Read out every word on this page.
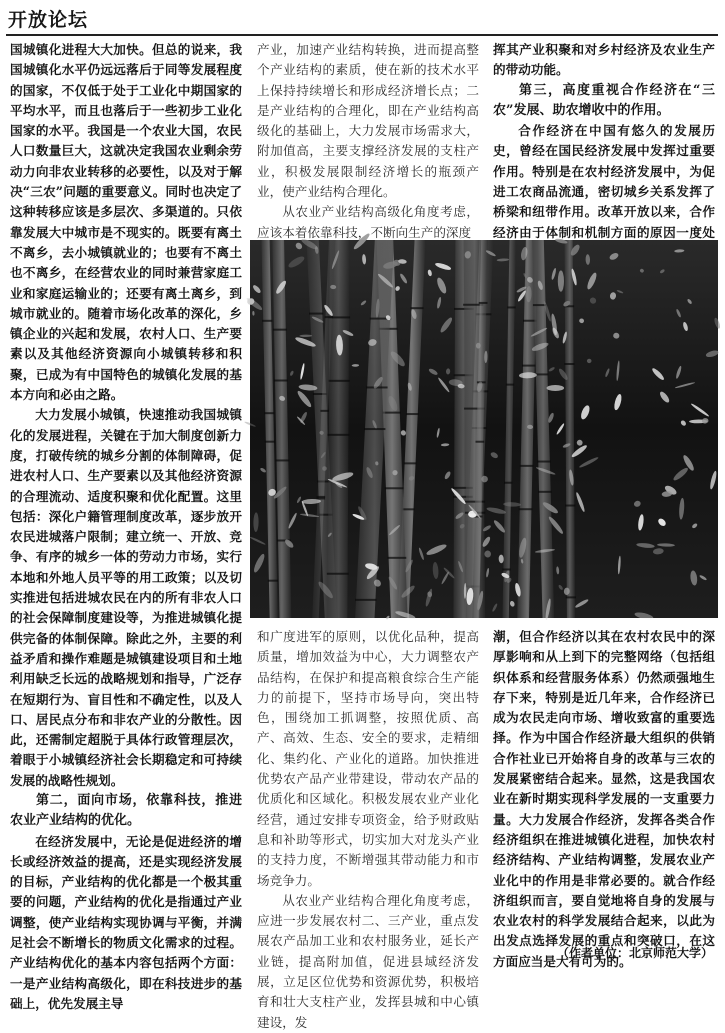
开放论坛

国城镇化进程大大加快。但总的说来，我国城镇化水平仍远远落后于同等发展程度的国家，不仅低于处于工业化中期国家的平均水平，而且也落后于一些初步工业化国家的水平。我国是一个农业大国，农民人口数量巨大，这就决定我国农业剩余劳动力向非农业转移的必要性，以及对于解决“三农”问题的重要意义。同时也决定了这种转移应该是多层次、多渠道的。只依靠发展大中城市是不现实的。既要有离土不离乡，去小城镇就业的；也要有不离土也不离乡，在经营农业的同时兼营家庭工业和家庭运输业的；还要有离土离乡，到城市就业的。随着市场化改革的深化，乡镇企业的兴起和发展，农村人口、生产要素以及其他经济资源向小城镇转移和积聚，已成为有中国特色的城镇化发展的基本方向和必由之路。

大力发展小城镇，快速推动我国城镇化的发展进程，关键在于加大制度创新力度，打破传统的城乡分割的体制障碍，促进农村人口、生产要素以及其他经济资源的合理流动、适度积聚和优化配置。这里包括：深化户籍管理制度改革，逐步放开农民进城落户限制；建立统一、开放、竞争、有序的城乡一体的劳动力市场，实行本地和外地人员平等的用工政策；以及切实推进包括进城农民在内的所有非农人口的社会保障制度建设等，为推进城镇化提供完备的体制保障。除此之外，主要的利益矛盾和操作难题是城镇建设项目和土地利用缺乏长远的战略规划和指导，广泛存在短期行为、盲目性和不确定性，以及人口、居民点分布和非农产业的分散性。因此，还需制定超脱于具体行政管理层次，着眼于小城镇经济社会长期稳定和可持续发展的战略性规划。

第二，面向市场，依靠科技，推进农业产业结构的优化。

在经济发展中，无论是促进经济的增长或经济效益的提高，还是实现经济发展的目标，产业结构的优化都是一个极其重要的问题，产业结构的优化是指通过产业调整，使产业结构实现协调与平衡，并满足社会不断增长的物质文化需求的过程。产业结构优化的基本内容包括两个方面：一是产业结构高级化，即在科技进步的基础上，优先发展主导

产业，加速产业结构转换，进而提高整个产业结构的素质，使在新的技术水平上保持持续增长和形成经济增长点；二是产业结构的合理化，即在产业结构高级化的基础上，大力发展市场需求大，附加值高，主要支撑经济发展的支柱产业，积极发展限制经济增长的瓶颈产业，使产业结构合理化。

从农业产业结构高级化角度考虑，应该本着依靠科技，不断向生产的深度

挥其产业积聚和对乡村经济及农业生产的带动功能。

第三，高度重视合作经济在“三农”发展、助农增收中的作用。

合作经济在中国有悠久的发展历史，曾经在国民经济发展中发挥过重要作用。特别是在农村经济发展中，为促进工农商品流通，密切城乡关系发挥了桥梁和纽带作用。改革开放以来，合作经济由于体制和机制方面的原因一度处

和广度进军的原则，以优化品种，提高质量，增加效益为中心，大力调整农产品结构，在保护和提高粮食综合生产能力的前提下，坚持市场导向，突出特色，围绕加工抓调整，按照优质、高产、高效、生态、安全的要求，走精细化、集约化、产业化的道路。加快推进优势农产品产业带建设，带动农产品的优质化和区域化。积极发展农业产业化经营，通过安排专项资金，给予财政贴息和补助等形式，切实加大对龙头产业的支持力度，不断增强其带动能力和市场竞争力。

从农业产业结构合理化角度考虑，应进一步发展农村二、三产业，重点发展农产品加工业和农村服务业，延长产业链，提高附加值，促进县域经济发展，立足区位优势和资源优势，积极培育和壮大支柱产业，发挥县城和中心镇建设，发

潮，但合作经济以其在农村农民中的深厚影响和从上到下的完整网络（包括组织体系和经营服务体系）仍然顽强地生存下来，特别是近几年来，合作经济已成为农民走向市场、增收致富的重要选择。作为中国合作经济最大组织的供销合作社业已开始将自身的改革与三农的发展紧密结合起来。显然，这是我国农业在新时期实现科学发展的一支重要力量。大力发展合作经济，发挥各类合作经济组织在推进城镇化进程，加快农村经济结构、产业结构调整，发展农业产业化中的作用是非常必要的。就合作经济组织而言，要自觉地将自身的发展与农业农村的科学发展结合起来，以此为出发点选择发展的重点和突破口，在这方面应当是大有可为的。

（作者单位：北京师范大学）
